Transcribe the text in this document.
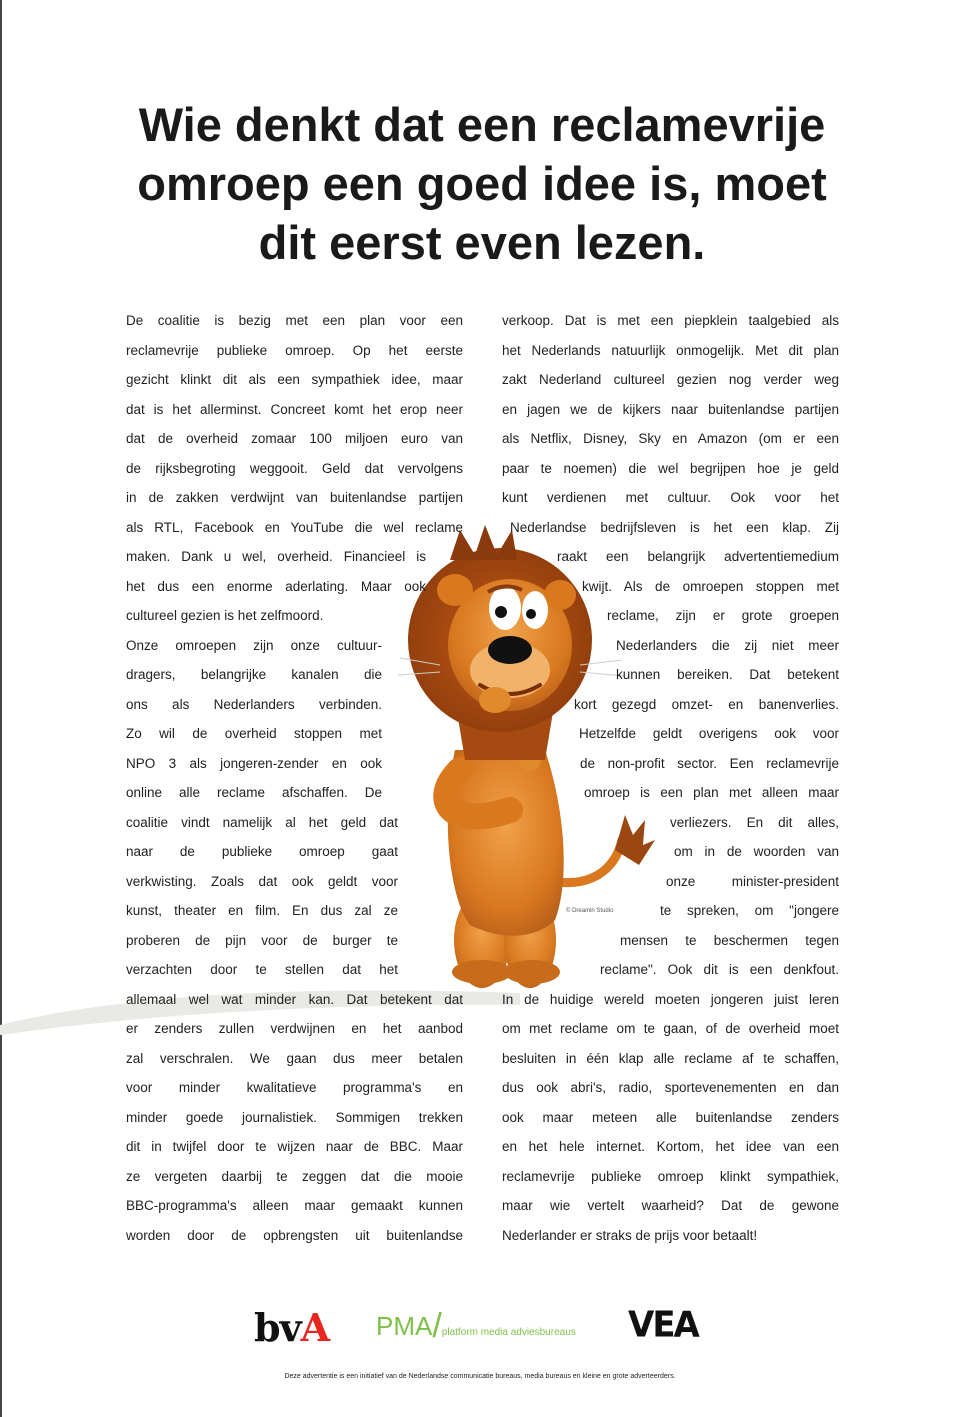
Wie denkt dat een reclamevrije
omroep een goed idee is, moet
dit eerst even lezen.
© Dreamin Studio
De coalitie is bezig met een plan voor een
reclamevrije publieke omroep. Op het eerste
gezicht klinkt dit als een sympathiek idee, maar
dat is het allerminst. Concreet komt het erop neer
dat de overheid zomaar 100 miljoen euro van
de rijksbegroting weggooit. Geld dat vervolgens
in de zakken verdwijnt van buitenlandse partijen
als RTL, Facebook en YouTube die wel reclame
maken. Dank u wel, overheid. Financieel is
het dus een enorme aderlating. Maar ook
cultureel gezien is het zelfmoord.
Onze omroepen zijn onze cultuur-
dragers, belangrijke kanalen die
ons als Nederlanders verbinden.
Zo wil de overheid stoppen met
NPO 3 als jongeren-zender en ook
online alle reclame afschaffen. De
coalitie vindt namelijk al het geld dat
naar de publieke omroep gaat
verkwisting. Zoals dat ook geldt voor
kunst, theater en film. En dus zal ze
proberen de pijn voor de burger te
verzachten door te stellen dat het
allemaal wel wat minder kan. Dat betekent dat
er zenders zullen verdwijnen en het aanbod
zal verschralen. We gaan dus meer betalen
voor minder kwalitatieve programma's en
minder goede journalistiek. Sommigen trekken
dit in twijfel door te wijzen naar de BBC. Maar
ze vergeten daarbij te zeggen dat die mooie
BBC-programma's alleen maar gemaakt kunnen
worden door de opbrengsten uit buitenlandse
verkoop. Dat is met een piepklein taalgebied als
het Nederlands natuurlijk onmogelijk. Met dit plan
zakt Nederland cultureel gezien nog verder weg
en jagen we de kijkers naar buitenlandse partijen
als Netflix, Disney, Sky en Amazon (om er een
paar te noemen) die wel begrijpen hoe je geld
kunt verdienen met cultuur. Ook voor het
Nederlandse bedrijfsleven is het een klap. Zij
raakt een belangrijk advertentiemedium
kwijt. Als de omroepen stoppen met
reclame, zijn er grote groepen
Nederlanders die zij niet meer
kunnen bereiken. Dat betekent
kort gezegd omzet- en banenverlies.
Hetzelfde geldt overigens ook voor
de non-profit sector. Een reclamevrije
omroep is een plan met alleen maar
verliezers. En dit alles,
om in de woorden van
onze minister-president
te spreken, om "jongere
mensen te beschermen tegen
reclame". Ook dit is een denkfout.
In de huidige wereld moeten jongeren juist leren
om met reclame om te gaan, of de overheid moet
besluiten in één klap alle reclame af te schaffen,
dus ook abri's, radio, sportevenementen en dan
ook maar meteen alle buitenlandse zenders
en het hele internet. Kortom, het idee van een
reclamevrije publieke omroep klinkt sympathiek,
maar wie vertelt waarheid? Dat de gewone
Nederlander er straks de prijs voor betaalt!
bvA PMA/platform media adviesbureaus VEA
Deze advertentie is een initiatief van de Nederlandse communicatie bureaus, media bureaus en kleine en grote adverteerders.
